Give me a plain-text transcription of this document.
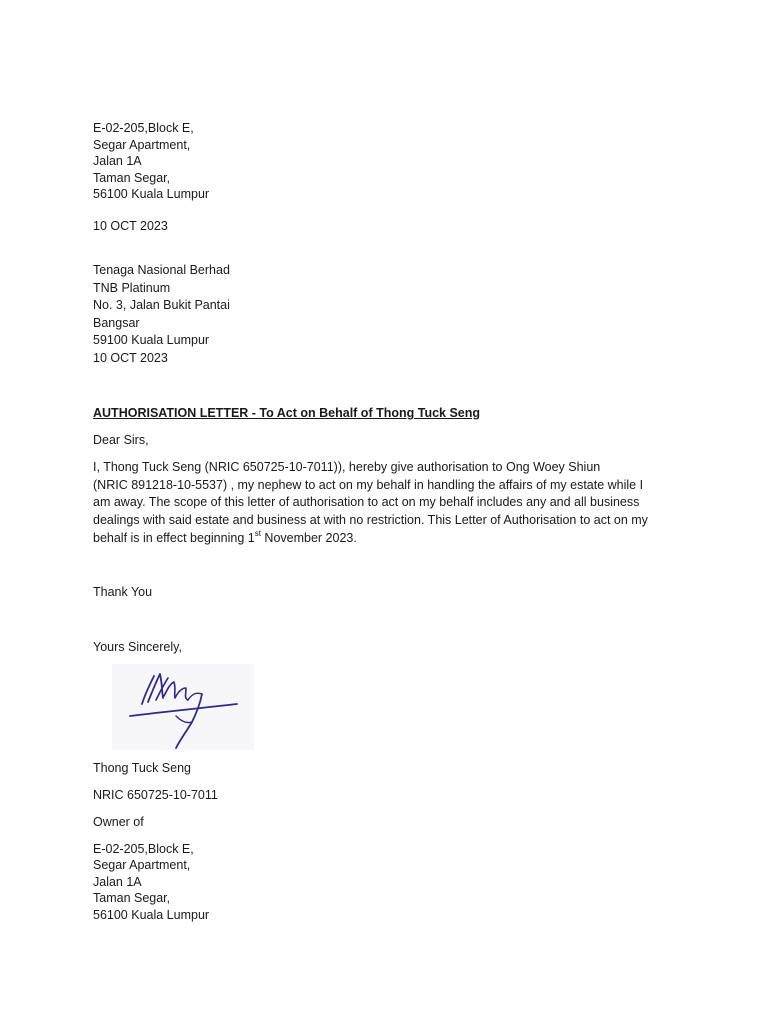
E-02-205,Block E,
Segar Apartment,
Jalan 1A
Taman Segar,
56100 Kuala Lumpur
10 OCT 2023
Tenaga Nasional Berhad
TNB Platinum
No. 3, Jalan Bukit Pantai
Bangsar
59100 Kuala Lumpur
10 OCT 2023
AUTHORISATION LETTER - To Act on Behalf of Thong Tuck Seng
Dear Sirs,
I, Thong Tuck Seng (NRIC 650725-10-7011)), hereby give authorisation to Ong Woey Shiun
(NRIC 891218-10-5537) , my nephew to act on my behalf in handling the affairs of my estate while I
am away. The scope of this letter of authorisation to act on my behalf includes any and all business
dealings with said estate and business at with no restriction. This Letter of Authorisation to act on my
behalf is in effect beginning 1st November 2023.
Thank You
Yours Sincerely,
Thong Tuck Seng
NRIC 650725-10-7011
Owner of
E-02-205,Block E,
Segar Apartment,
Jalan 1A
Taman Segar,
56100 Kuala Lumpur
